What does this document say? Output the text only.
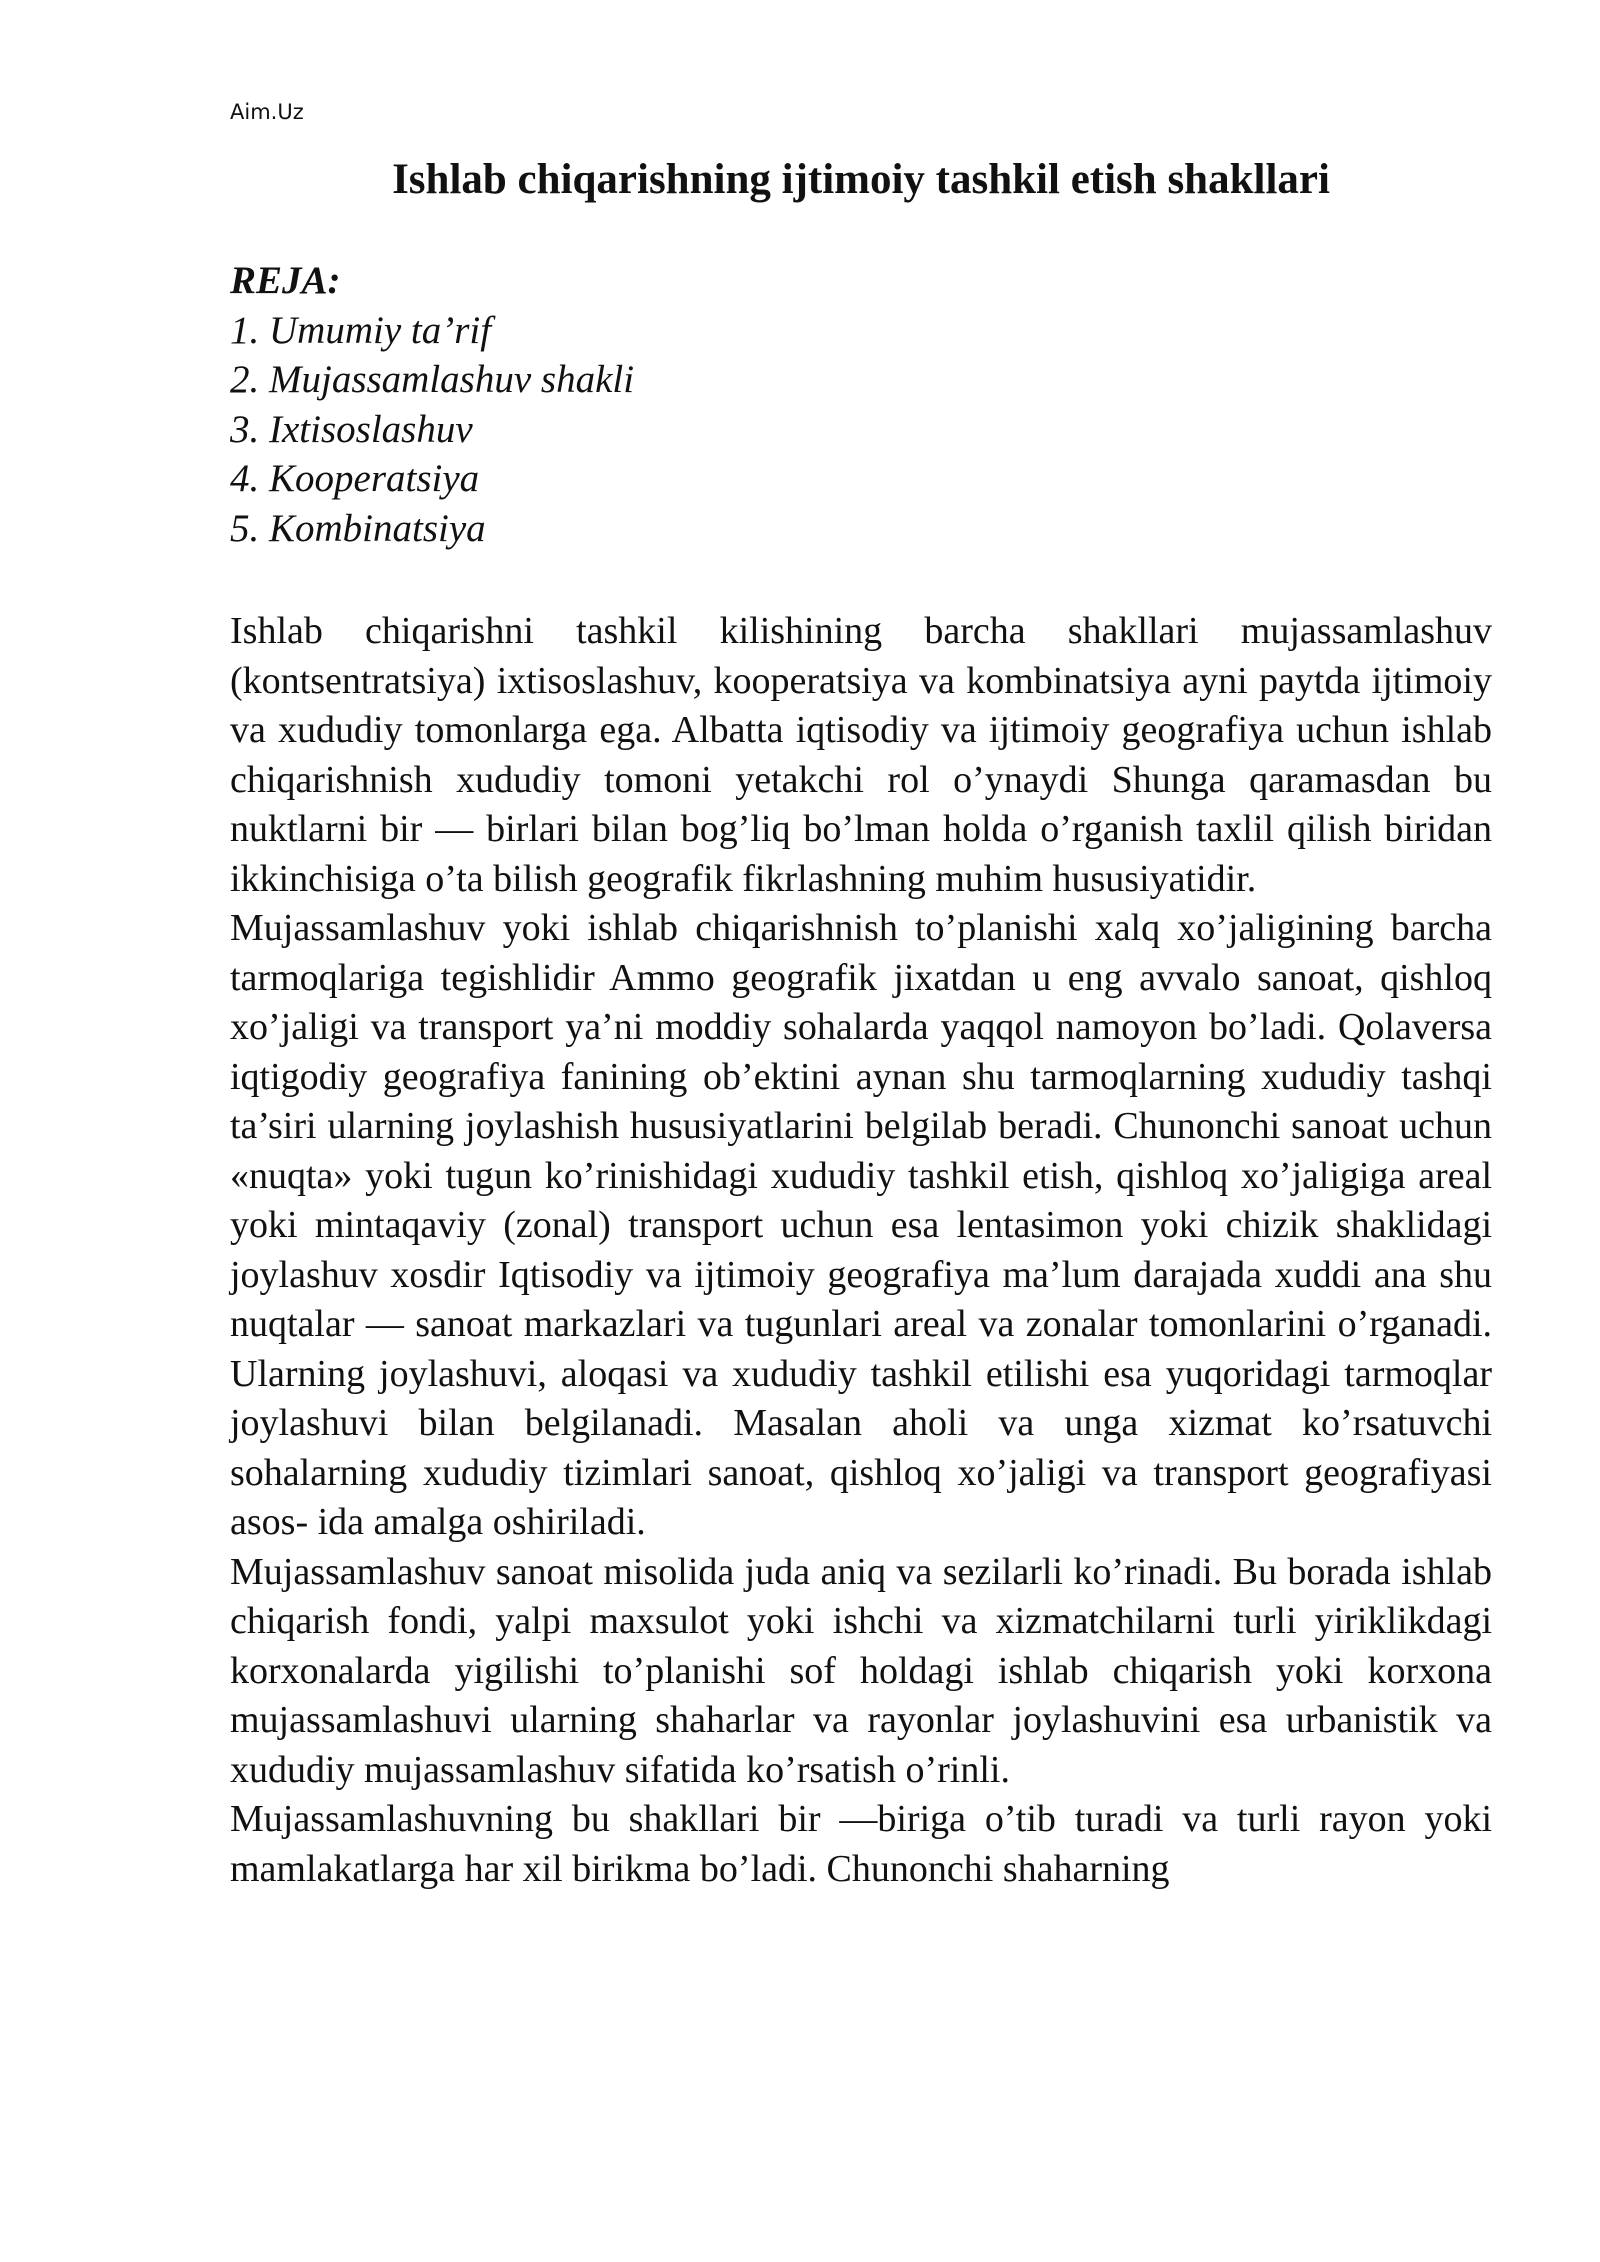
Aim.Uz
Ishlab chiqarishning ijtimoiy tashkil etish shakllari
REJA:
1. Umumiy ta’rif
2. Mujassamlashuv shakli
3. Ixtisoslashuv
4. Kooperatsiya
5. Kombinatsiya

Ishlab chiqarishni tashkil kilishining barcha shakllari mujassamlashuv (kontsentratsiya) ixtisoslashuv, kooperatsiya va kombinatsiya ayni paytda ijtimoiy va xududiy tomonlarga ega. Albatta iqtisodiy va ijtimoiy geografiya uchun ishlab chiqarishnish xududiy tomoni yetakchi rol o’ynaydi Shunga qaramasdan bu nuktlarni bir — birlari bilan bog’liq bo’lman holda o’rganish taxlil qilish biridan ikkinchisiga o’ta bilish geografik fikrlashning muhim hususiyatidir.

Mujassamlashuv yoki ishlab chiqarishnish to’planishi xalq xo’jaligining barcha tarmoqlariga tegishlidir Ammo geografik jixatdan u eng avvalo sanoat, qishloq xo’jaligi va transport ya’ni moddiy sohalarda yaqqol namoyon bo’ladi. Qolaversa iqtigodiy geografiya fanining ob’ektini aynan shu tarmoqlarning xududiy tashqi ta’siri ularning joylashish hususiyatlarini belgilab beradi. Chunonchi sanoat uchun «nuqta» yoki tugun ko’rinishidagi xududiy tashkil etish, qishloq xo’jaligiga areal yoki mintaqaviy (zonal) transport uchun esa lentasimon yoki chizik shaklidagi joylashuv xosdir Iqtisodiy va ijtimoiy geografiya ma’lum darajada xuddi ana shu nuqtalar — sanoat markazlari va tugunlari areal va zonalar tomonlarini o’rganadi. Ularning joylashuvi, aloqasi va xududiy tashkil etilishi esa yuqoridagi tarmoqlar joylashuvi bilan belgilanadi. Masalan aholi va unga xizmat ko’rsatuvchi sohalarning xududiy tizimlari sanoat, qishloq xo’jaligi va transport geografiyasi asos- ida amalga oshiriladi.

Mujassamlashuv sanoat misolida juda aniq va sezilarli ko’rinadi. Bu borada ishlab chiqarish fondi, yalpi maxsulot yoki ishchi va xizmatchilarni turli yiriklikdagi korxonalarda yigilishi to’planishi sof holdagi ishlab chiqarish yoki korxona mujassamlashuvi ularning shaharlar va rayonlar joylashuvini esa urbanistik va xududiy mujassamlashuv sifatida ko’rsatish o’rinli.

Mujassamlashuvning bu shakllari bir —biriga o’tib turadi va turli rayon yoki mamlakatlarga har xil birikma bo’ladi. Chunonchi shaharning
